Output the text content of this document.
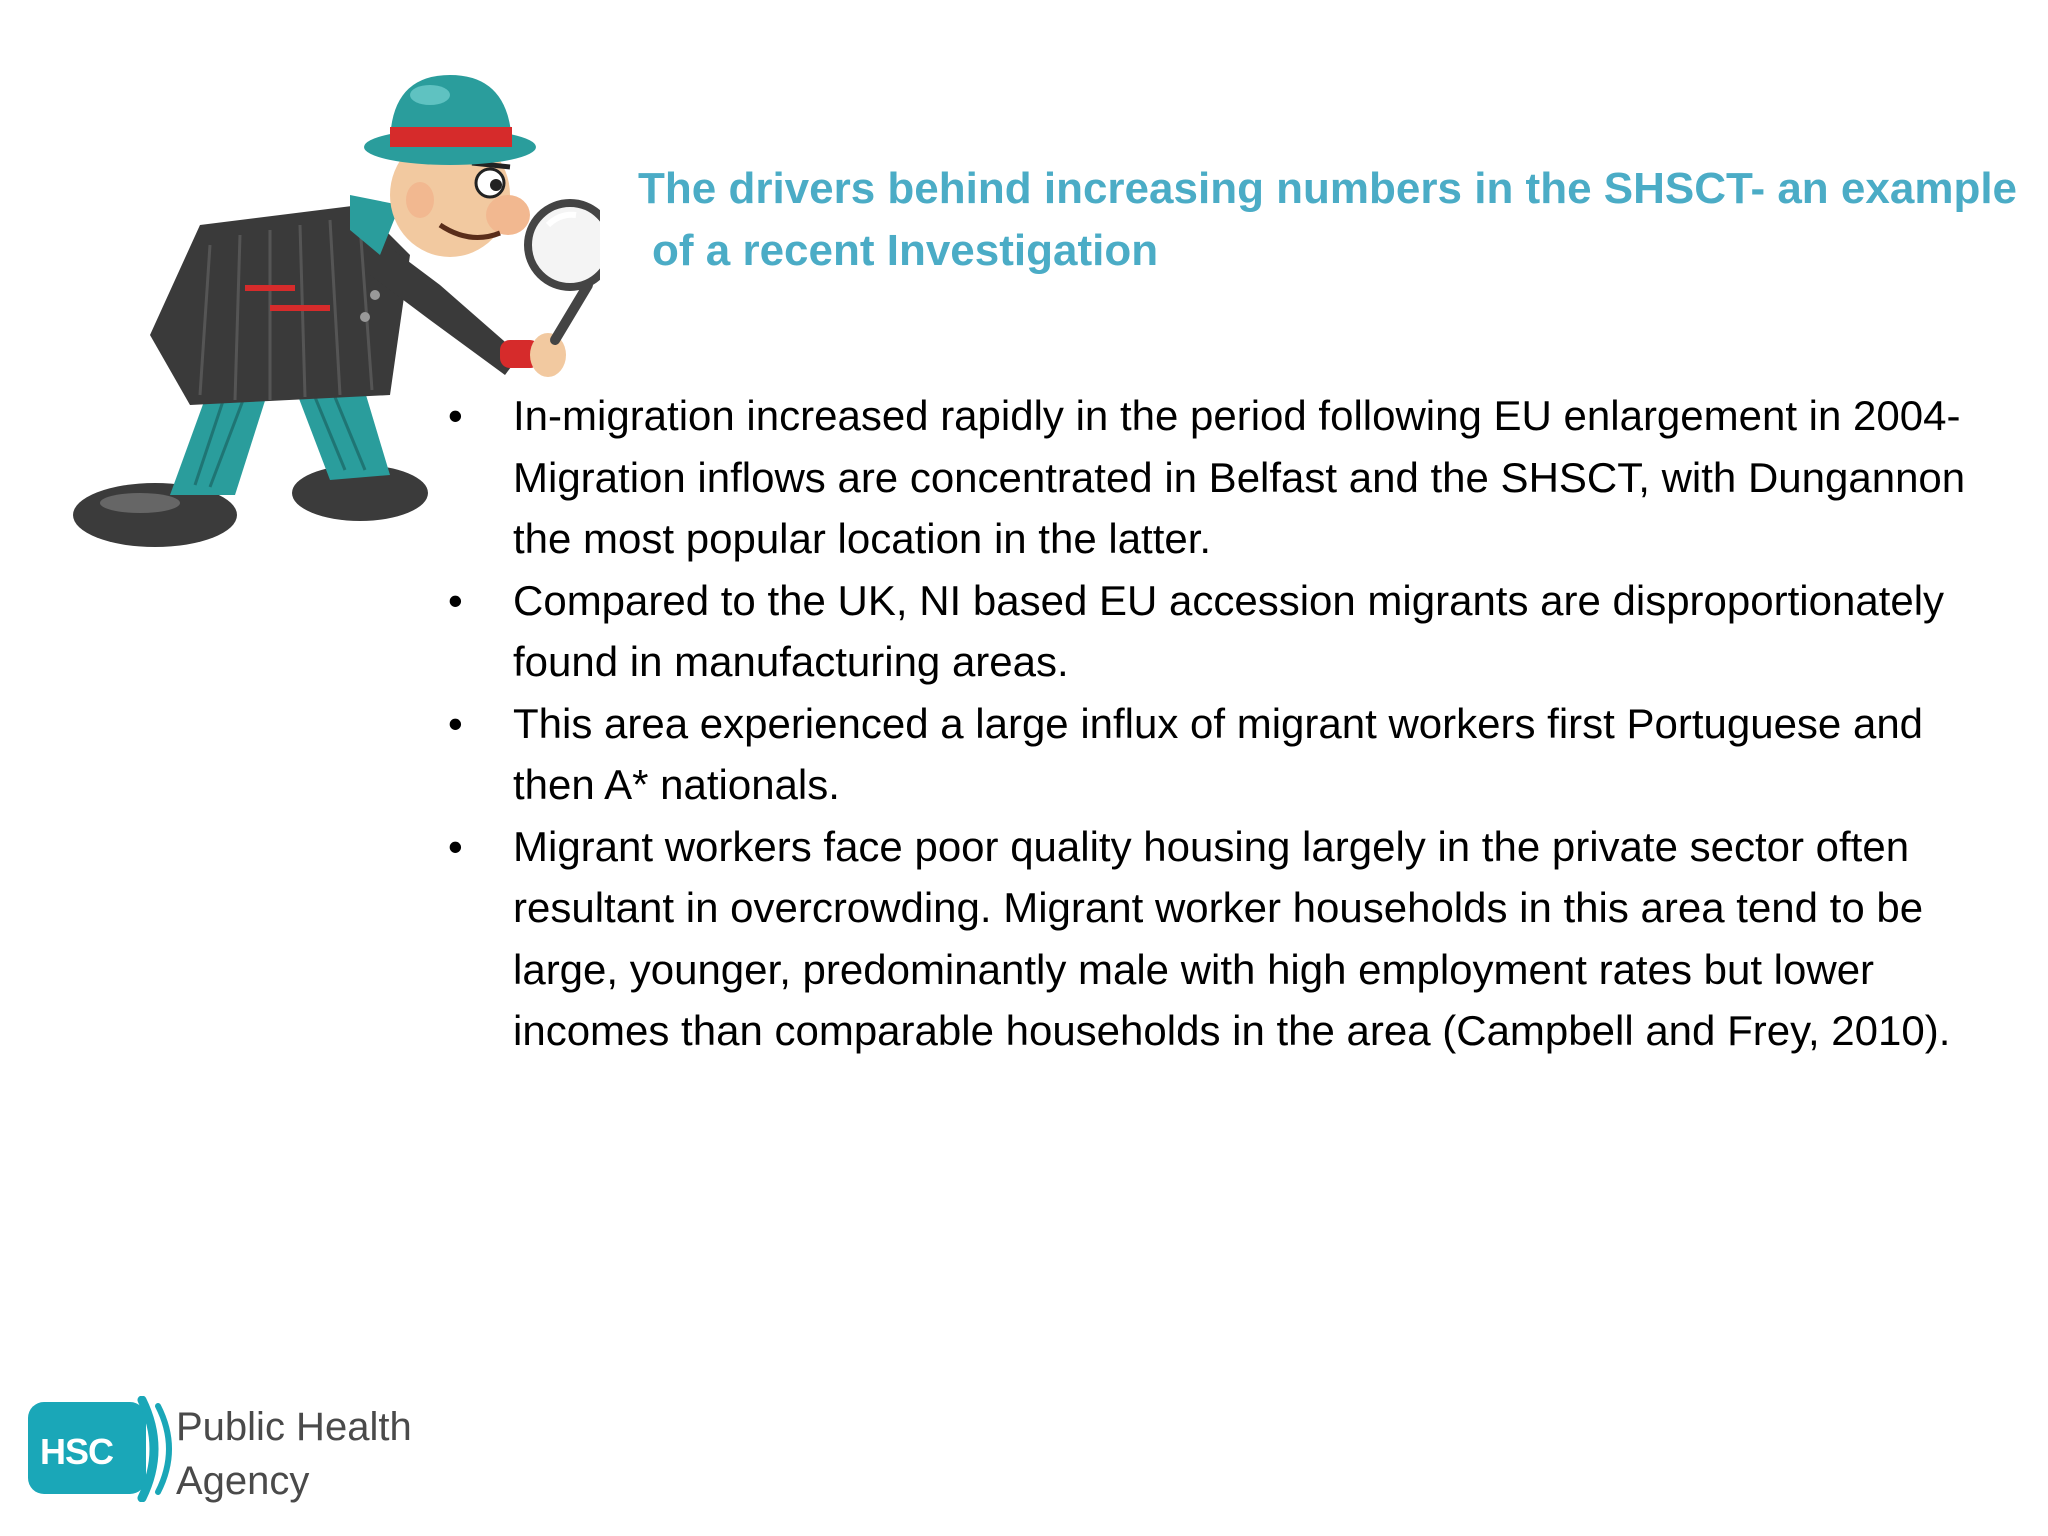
The drivers behind increasing numbers in the SHSCT- an example
of a recent Investigation
• In-migration increased rapidly in the period following EU enlargement in 2004- Migration inflows are concentrated in Belfast and the SHSCT, with Dungannon the most popular location in the latter.
• Compared to the UK, NI based EU accession migrants are disproportionately found in manufacturing areas.
• This area experienced a large influx of migrant workers first Portuguese and then A* nationals.
• Migrant workers face poor quality housing largely in the private sector often resultant in overcrowding. Migrant worker households in this area tend to be large, younger, predominantly male with high employment rates but lower incomes than comparable households in the area (Campbell and Frey, 2010).
HSC
Public Health
Agency
